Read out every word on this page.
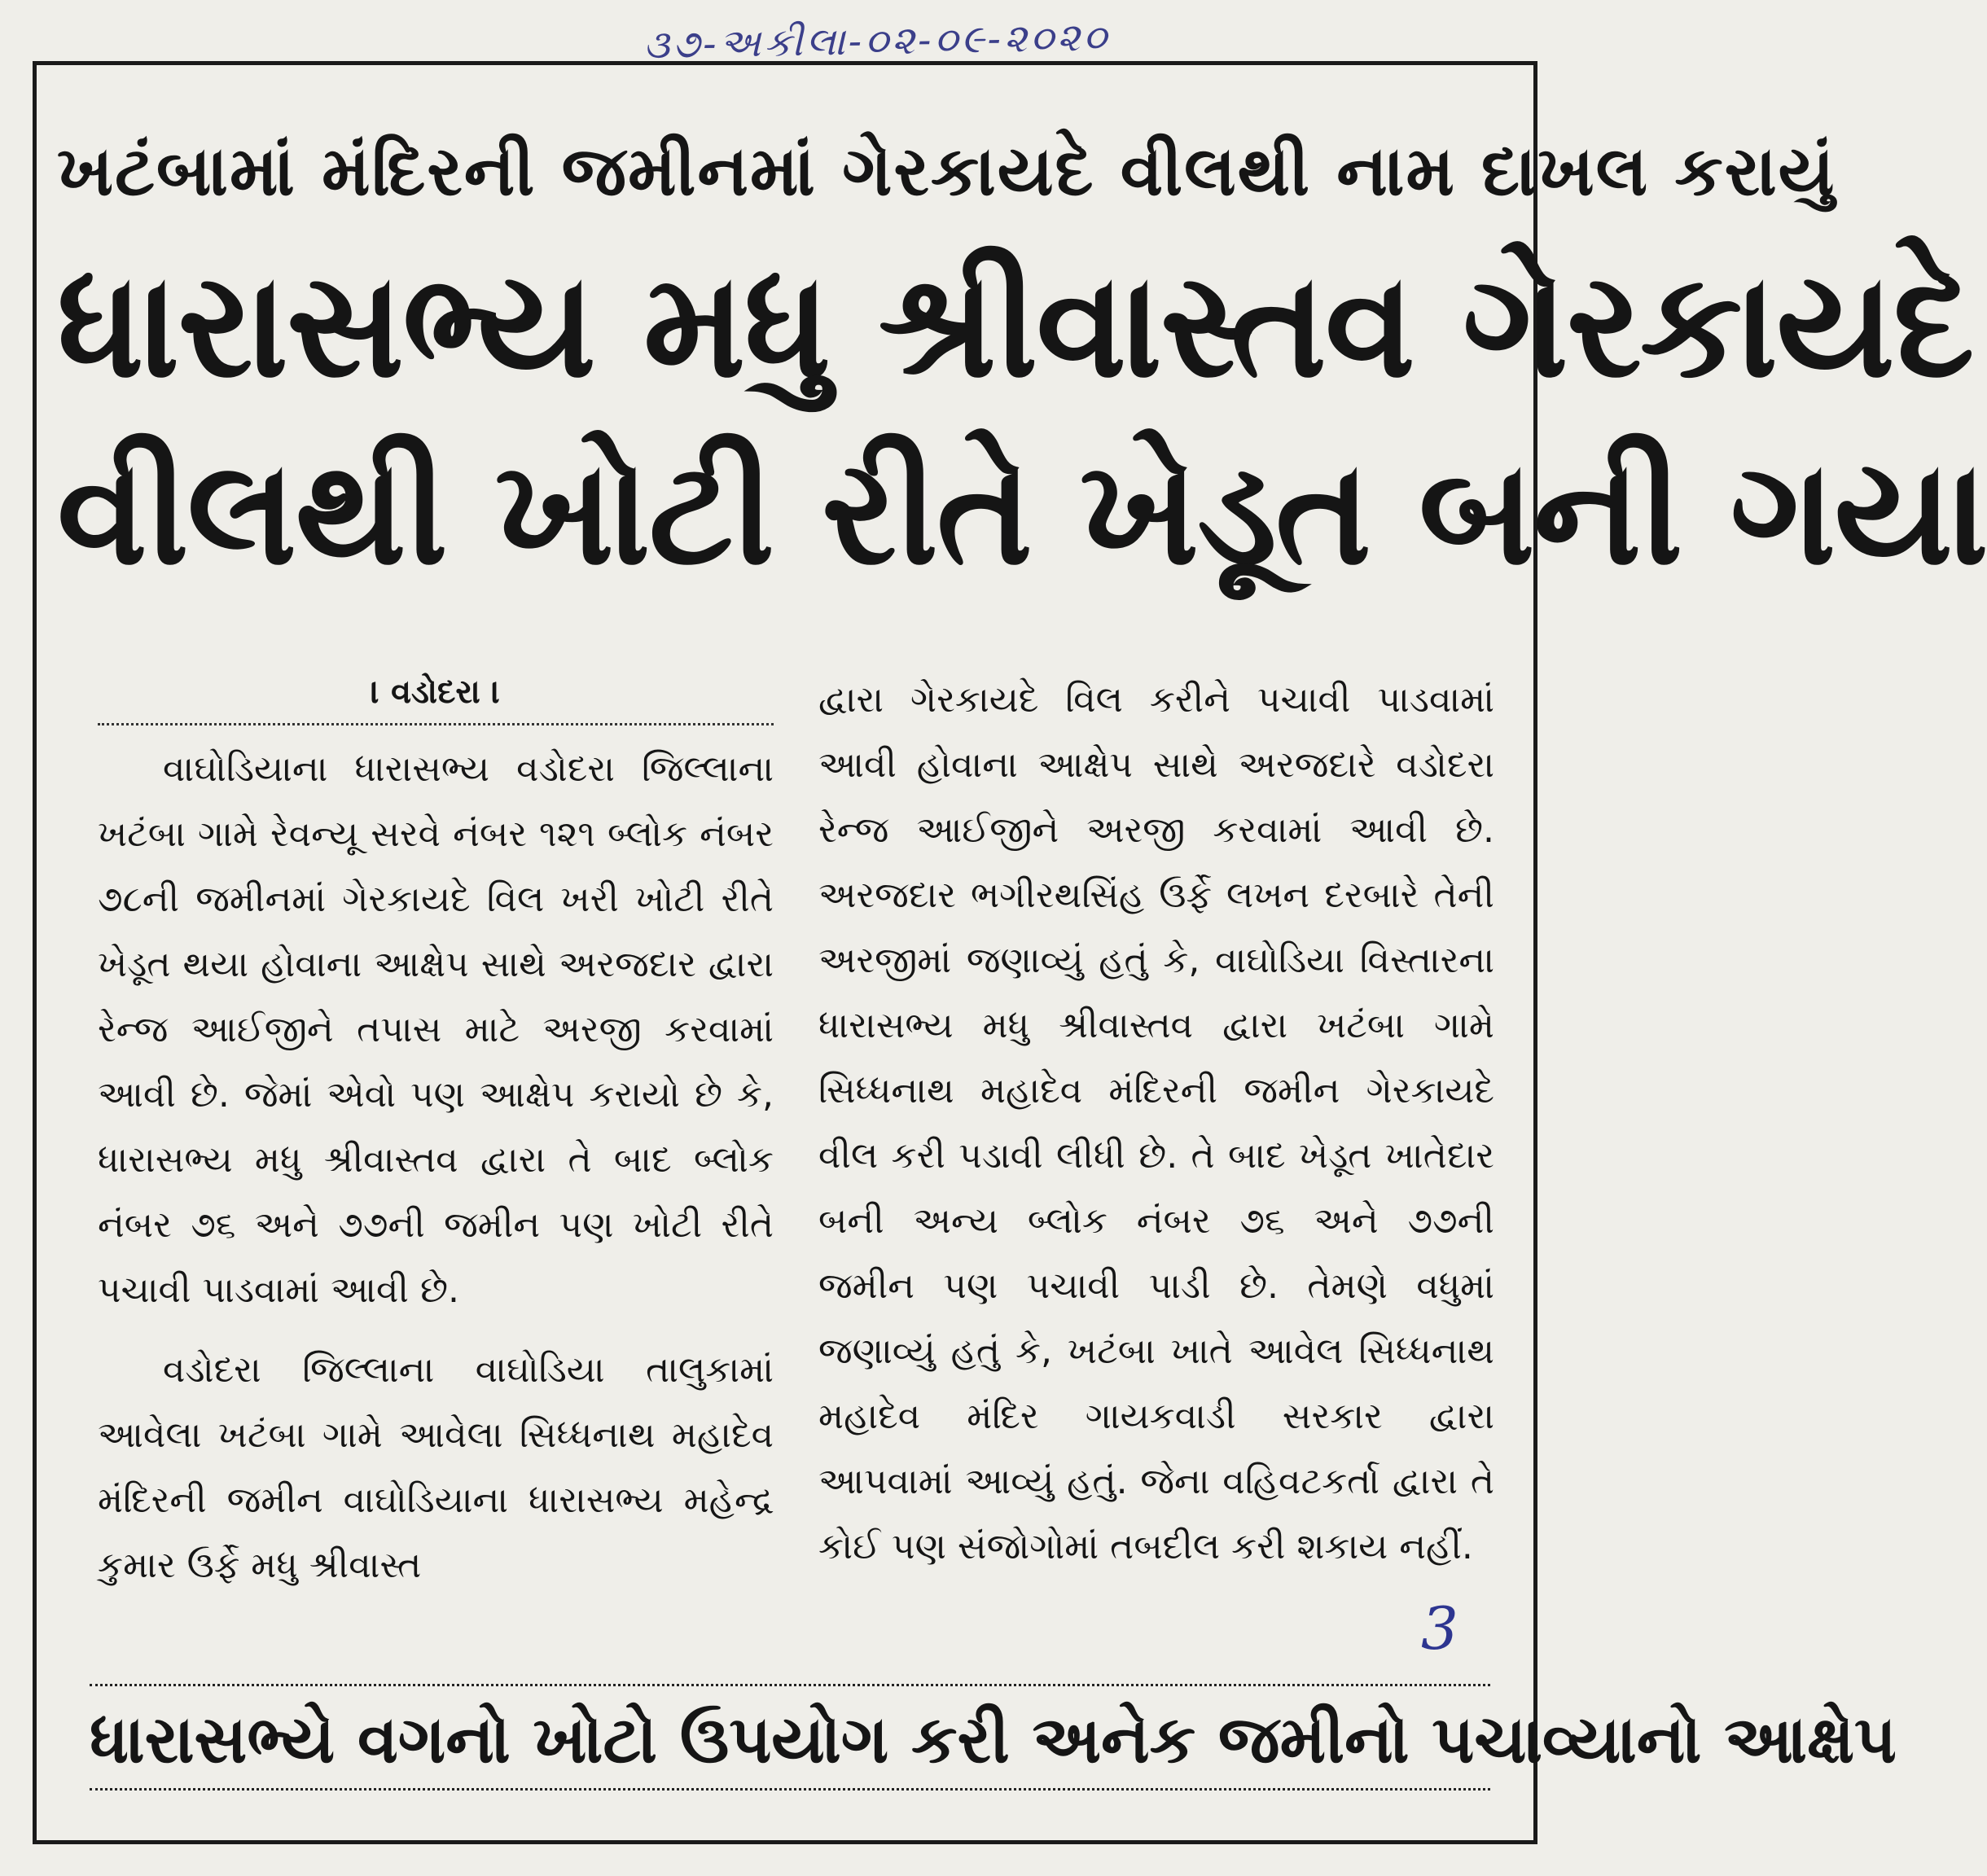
૩૭-અકીલા-૦૨-૦૯-૨૦૨૦
ખટંબામાં મંદિરની જમીનમાં ગેરકાયદે વીલથી નામ દાખલ કરાયું
ધારાસભ્ય મધુ શ્રીવાસ્તવ ગેરકાયદે
વીલથી ખોટી રીતે ખેડૂત બની ગયા
। વડોદરા ।

વાઘોડિયાના ધારાસભ્ય વડોદરા જિલ્લાના ખટંબા ગામે રેવન્યૂ સરવે નંબર ૧૨૧ બ્લોક નંબર ૭૮ની જમીનમાં ગેરકાયદે વિલ ખરી ખોટી રીતે ખેડૂત થયા હોવાના આક્ષેપ સાથે અરજદાર દ્વારા રેન્જ આઈજીને તપાસ માટે અરજી કરવામાં આવી છે. જેમાં એવો પણ આક્ષેપ કરાયો છે કે, ધારાસભ્ય મધુ શ્રીવાસ્તવ દ્વારા તે બાદ બ્લોક નંબર ૭૬ અને ૭૭ની જમીન પણ ખોટી રીતે પચાવી પાડવામાં આવી છે.

વડોદરા જિલ્લાના વાઘોડિયા તાલુકામાં આવેલા ખટંબા ગામે આવેલા સિધ્ધનાથ મહાદેવ મંદિરની જમીન વાઘોડિયાના ધારાસભ્ય મહેન્દ્ર કુમાર ઉર્ફે મધુ શ્રીવાસ્ત

દ્વારા ગેરકાયદે વિલ કરીને પચાવી પાડવામાં આવી હોવાના આક્ષેપ સાથે અરજદારે વડોદરા રેન્જ આઈજીને અરજી કરવામાં આવી છે. અરજદાર ભગીરથસિંહ ઉર્ફે લખન દરબારે તેની અરજીમાં જણાવ્યું હતું કે, વાઘોડિયા વિસ્તારના ધારાસભ્ય મધુ શ્રીવાસ્તવ દ્વારા ખટંબા ગામે સિધ્ધનાથ મહાદેવ મંદિરની જમીન ગેરકાયદે વીલ કરી પડાવી લીધી છે. તે બાદ ખેડૂત ખાતેદાર બની અન્ય બ્લોક નંબર ૭૬ અને ૭૭ની જમીન પણ પચાવી પાડી છે. તેમણે વધુમાં જણાવ્યું હતું કે, ખટંબા ખાતે આવેલ સિધ્ધનાથ મહાદેવ મંદિર ગાયકવાડી સરકાર દ્વારા આપવામાં આવ્યું હતું. જેના વહિવટકર્તા દ્વારા તે કોઈ પણ સંજોગોમાં તબદીલ કરી શકાય નહીં.

3
ધારાસભ્યે વગનો ખોટો ઉપયોગ કરી અનેક જમીનો પચાવ્યાનો આક્ષેપ
